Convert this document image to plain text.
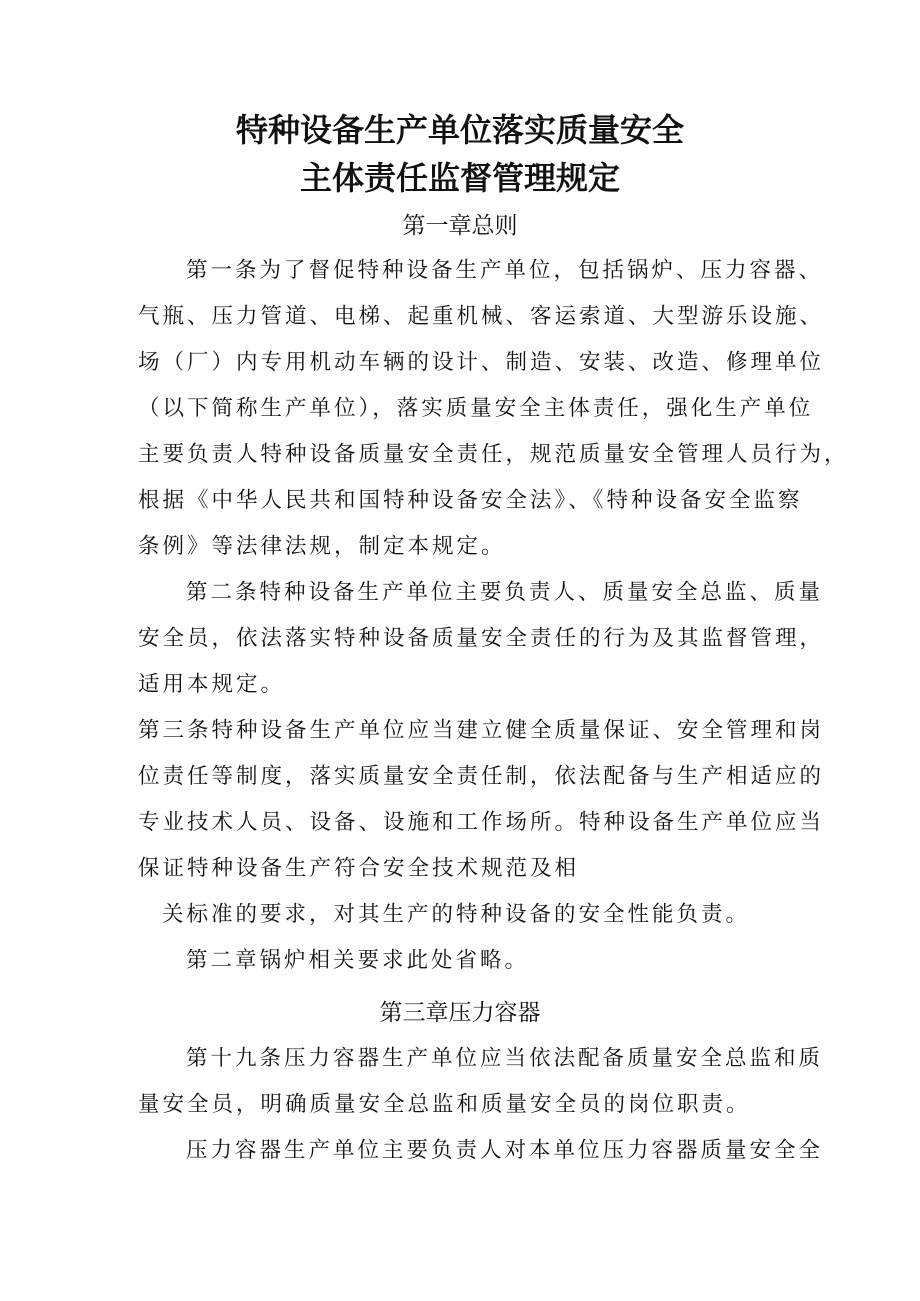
特种设备生产单位落实质量安全
主体责任监督管理规定
第一章总则
第一条为了督促特种设备生产单位，包括锅炉、压力容器、
气瓶、压力管道、电梯、起重机械、客运索道、大型游乐设施、
场（厂）内专用机动车辆的设计、制造、安装、改造、修理单位
（以下简称生产单位），落实质量安全主体责任，强化生产单位
主要负责人特种设备质量安全责任，规范质量安全管理人员行为，
根据《中华人民共和国特种设备安全法》、《特种设备安全监察
条例》等法律法规，制定本规定。
第二条特种设备生产单位主要负责人、质量安全总监、质量
安全员，依法落实特种设备质量安全责任的行为及其监督管理，
适用本规定。
第三条特种设备生产单位应当建立健全质量保证、安全管理和岗
位责任等制度，落实质量安全责任制，依法配备与生产相适应的
专业技术人员、设备、设施和工作场所。特种设备生产单位应当
保证特种设备生产符合安全技术规范及相
关标准的要求，对其生产的特种设备的安全性能负责。
第二章锅炉相关要求此处省略。
第三章压力容器
第十九条压力容器生产单位应当依法配备质量安全总监和质
量安全员，明确质量安全总监和质量安全员的岗位职责。
压力容器生产单位主要负责人对本单位压力容器质量安全全
